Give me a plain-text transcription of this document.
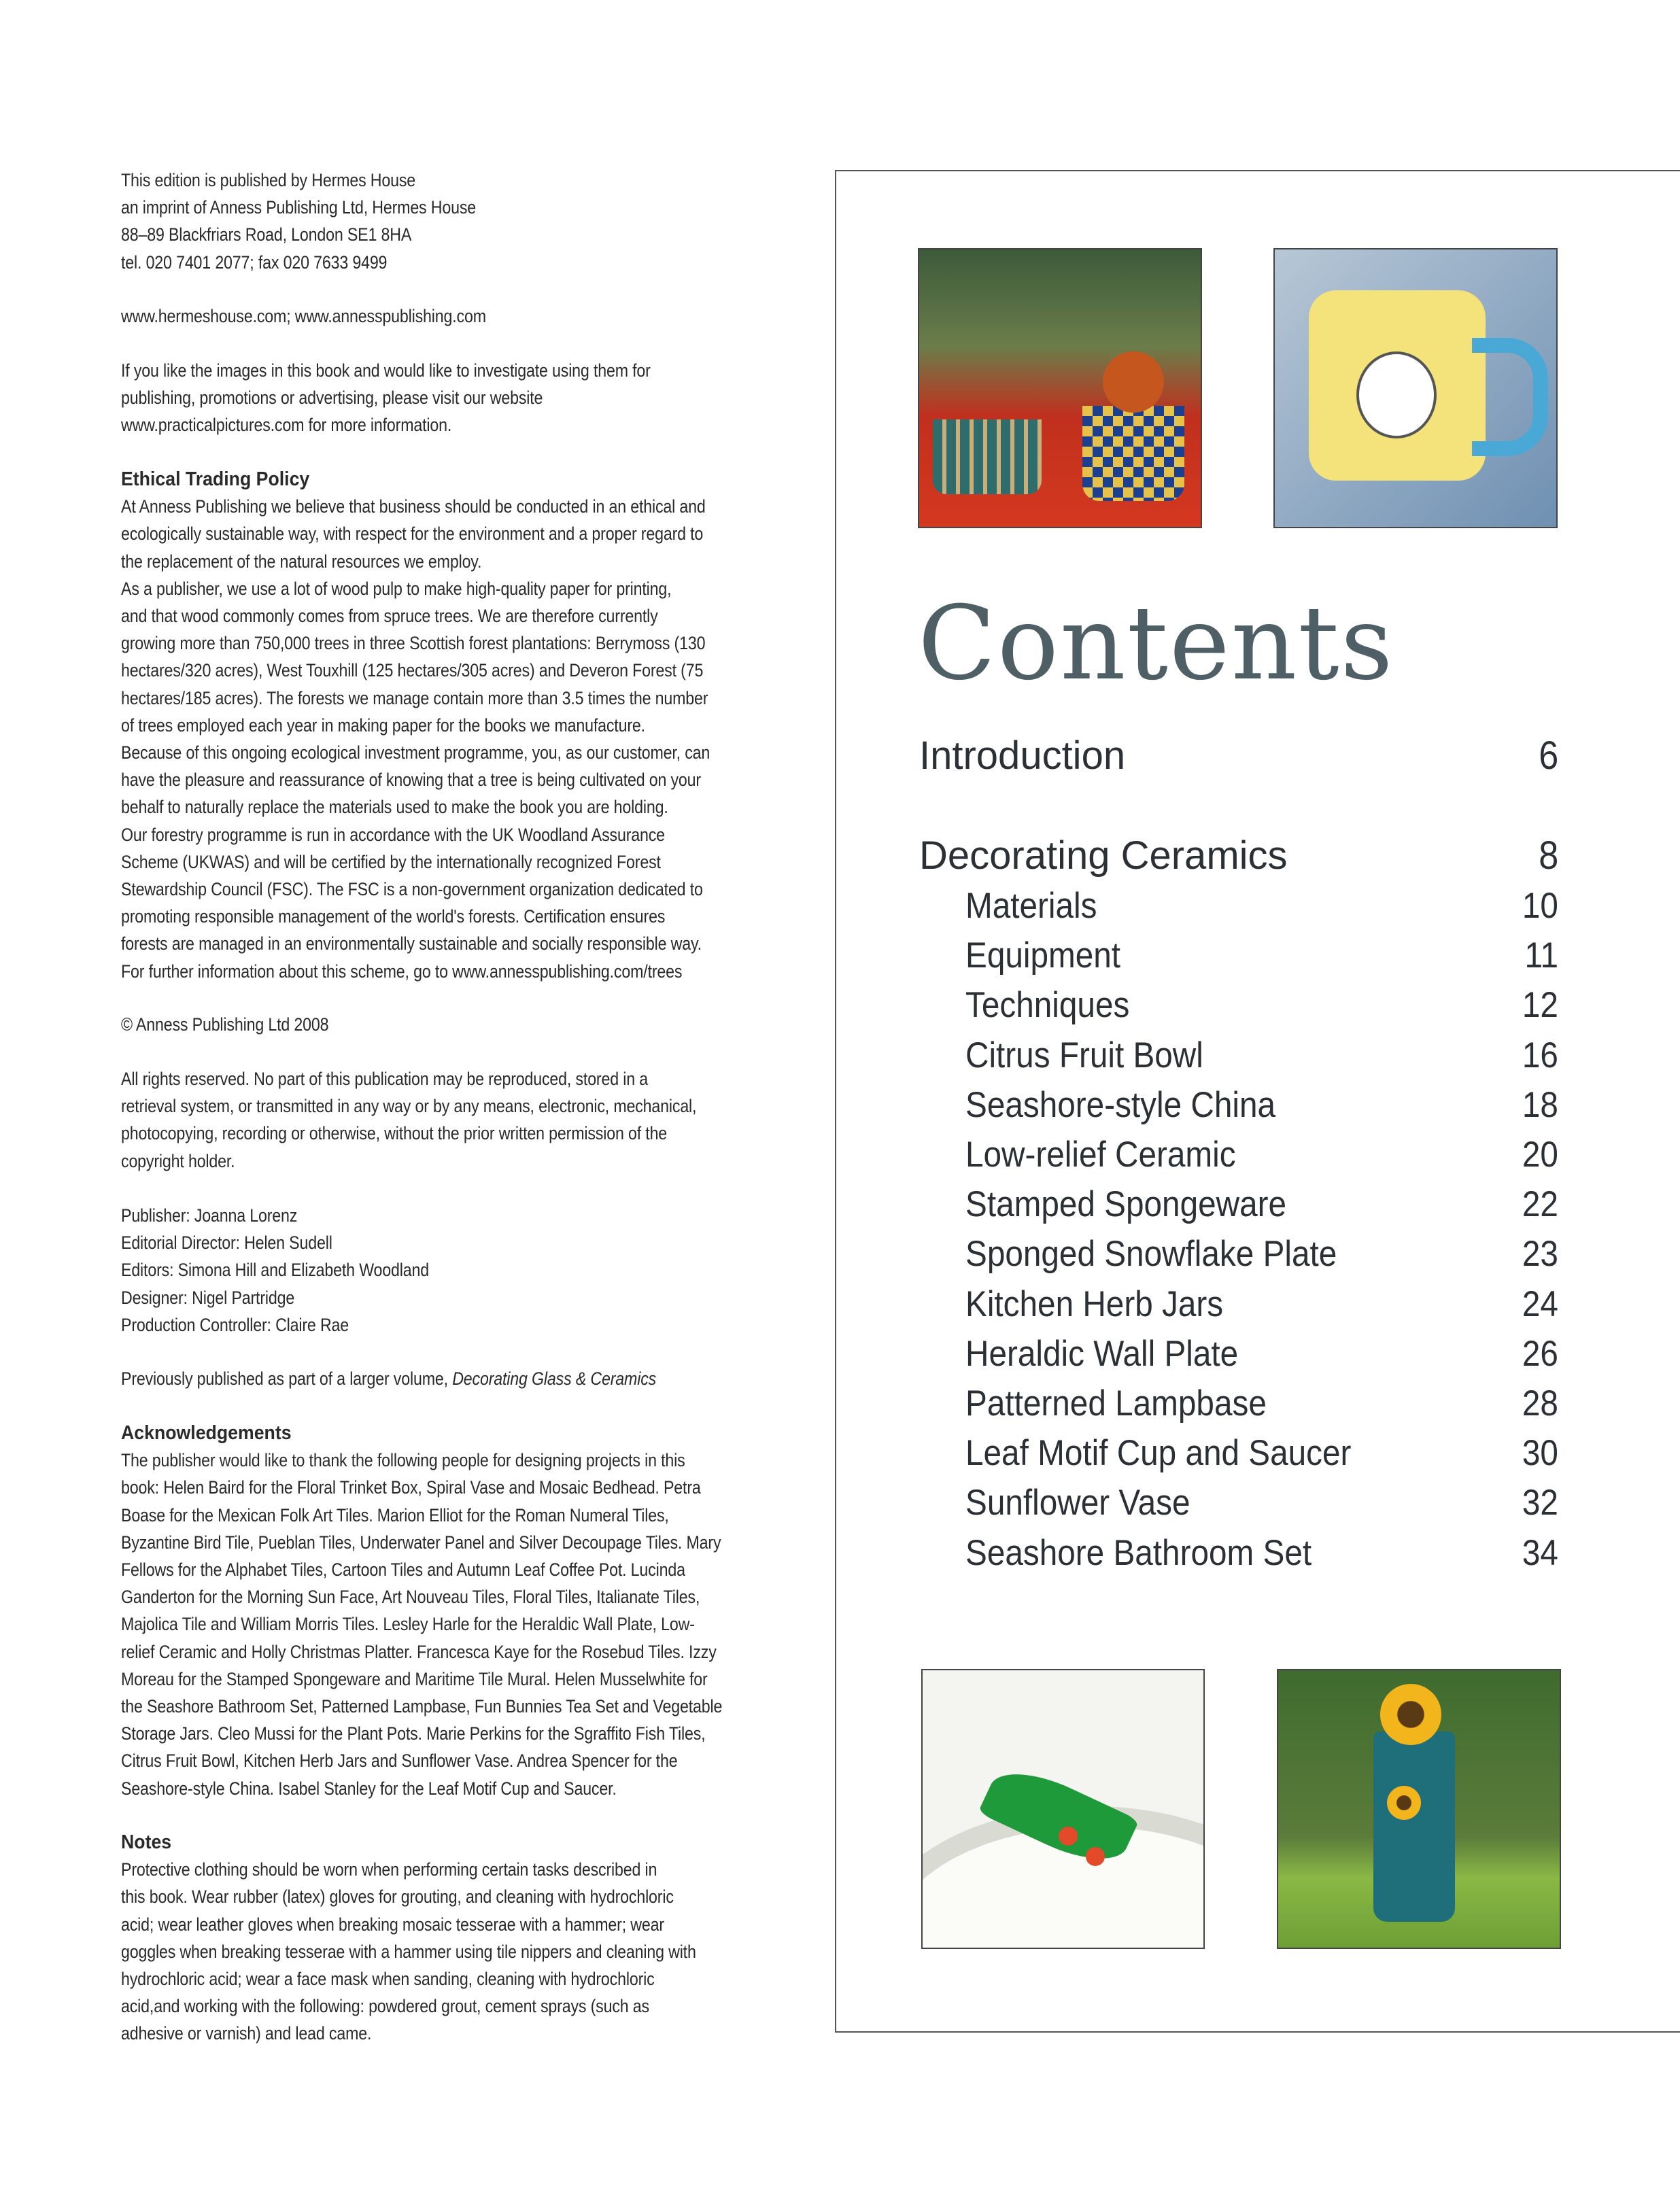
This edition is published by Hermes House
an imprint of Anness Publishing Ltd, Hermes House
88–89 Blackfriars Road, London SE1 8HA
tel. 020 7401 2077; fax 020 7633 9499
www.hermeshouse.com; www.annesspublishing.com
If you like the images in this book and would like to investigate using them for
publishing, promotions or advertising, please visit our website
www.practicalpictures.com for more information.
Ethical Trading Policy
At Anness Publishing we believe that business should be conducted in an ethical and
ecologically sustainable way, with respect for the environment and a proper regard to
the replacement of the natural resources we employ.
As a publisher, we use a lot of wood pulp to make high-quality paper for printing,
and that wood commonly comes from spruce trees. We are therefore currently
growing more than 750,000 trees in three Scottish forest plantations: Berrymoss (130
hectares/320 acres), West Touxhill (125 hectares/305 acres) and Deveron Forest (75
hectares/185 acres). The forests we manage contain more than 3.5 times the number
of trees employed each year in making paper for the books we manufacture.
Because of this ongoing ecological investment programme, you, as our customer, can
have the pleasure and reassurance of knowing that a tree is being cultivated on your
behalf to naturally replace the materials used to make the book you are holding.
Our forestry programme is run in accordance with the UK Woodland Assurance
Scheme (UKWAS) and will be certified by the internationally recognized Forest
Stewardship Council (FSC). The FSC is a non-government organization dedicated to
promoting responsible management of the world's forests. Certification ensures
forests are managed in an environmentally sustainable and socially responsible way.
For further information about this scheme, go to www.annesspublishing.com/trees
© Anness Publishing Ltd 2008
All rights reserved. No part of this publication may be reproduced, stored in a
retrieval system, or transmitted in any way or by any means, electronic, mechanical,
photocopying, recording or otherwise, without the prior written permission of the
copyright holder.
Publisher: Joanna Lorenz
Editorial Director: Helen Sudell
Editors: Simona Hill and Elizabeth Woodland
Designer: Nigel Partridge
Production Controller: Claire Rae
Previously published as part of a larger volume, Decorating Glass & Ceramics
Acknowledgements
The publisher would like to thank the following people for designing projects in this
book: Helen Baird for the Floral Trinket Box, Spiral Vase and Mosaic Bedhead. Petra
Boase for the Mexican Folk Art Tiles. Marion Elliot for the Roman Numeral Tiles,
Byzantine Bird Tile, Pueblan Tiles, Underwater Panel and Silver Decoupage Tiles. Mary
Fellows for the Alphabet Tiles, Cartoon Tiles and Autumn Leaf Coffee Pot. Lucinda
Ganderton for the Morning Sun Face, Art Nouveau Tiles, Floral Tiles, Italianate Tiles,
Majolica Tile and William Morris Tiles. Lesley Harle for the Heraldic Wall Plate, Low-
relief Ceramic and Holly Christmas Platter. Francesca Kaye for the Rosebud Tiles. Izzy
Moreau for the Stamped Spongeware and Maritime Tile Mural. Helen Musselwhite for
the Seashore Bathroom Set, Patterned Lampbase, Fun Bunnies Tea Set and Vegetable
Storage Jars. Cleo Mussi for the Plant Pots. Marie Perkins for the Sgraffito Fish Tiles,
Citrus Fruit Bowl, Kitchen Herb Jars and Sunflower Vase. Andrea Spencer for the
Seashore-style China. Isabel Stanley for the Leaf Motif Cup and Saucer.
Notes
Protective clothing should be worn when performing certain tasks described in
this book. Wear rubber (latex) gloves for grouting, and cleaning with hydrochloric
acid; wear leather gloves when breaking mosaic tesserae with a hammer; wear
goggles when breaking tesserae with a hammer using tile nippers and cleaning with
hydrochloric acid; wear a face mask when sanding, cleaning with hydrochloric
acid,and working with the following: powdered grout, cement sprays (such as
adhesive or varnish) and lead came.
Contents
Introduction	6
Decorating Ceramics	8
Materials	10
Equipment	11
Techniques	12
Citrus Fruit Bowl	16
Seashore-style China	18
Low-relief Ceramic	20
Stamped Spongeware	22
Sponged Snowflake Plate	23
Kitchen Herb Jars	24
Heraldic Wall Plate	26
Patterned Lampbase	28
Leaf Motif Cup and Saucer	30
Sunflower Vase	32
Seashore Bathroom Set	34
